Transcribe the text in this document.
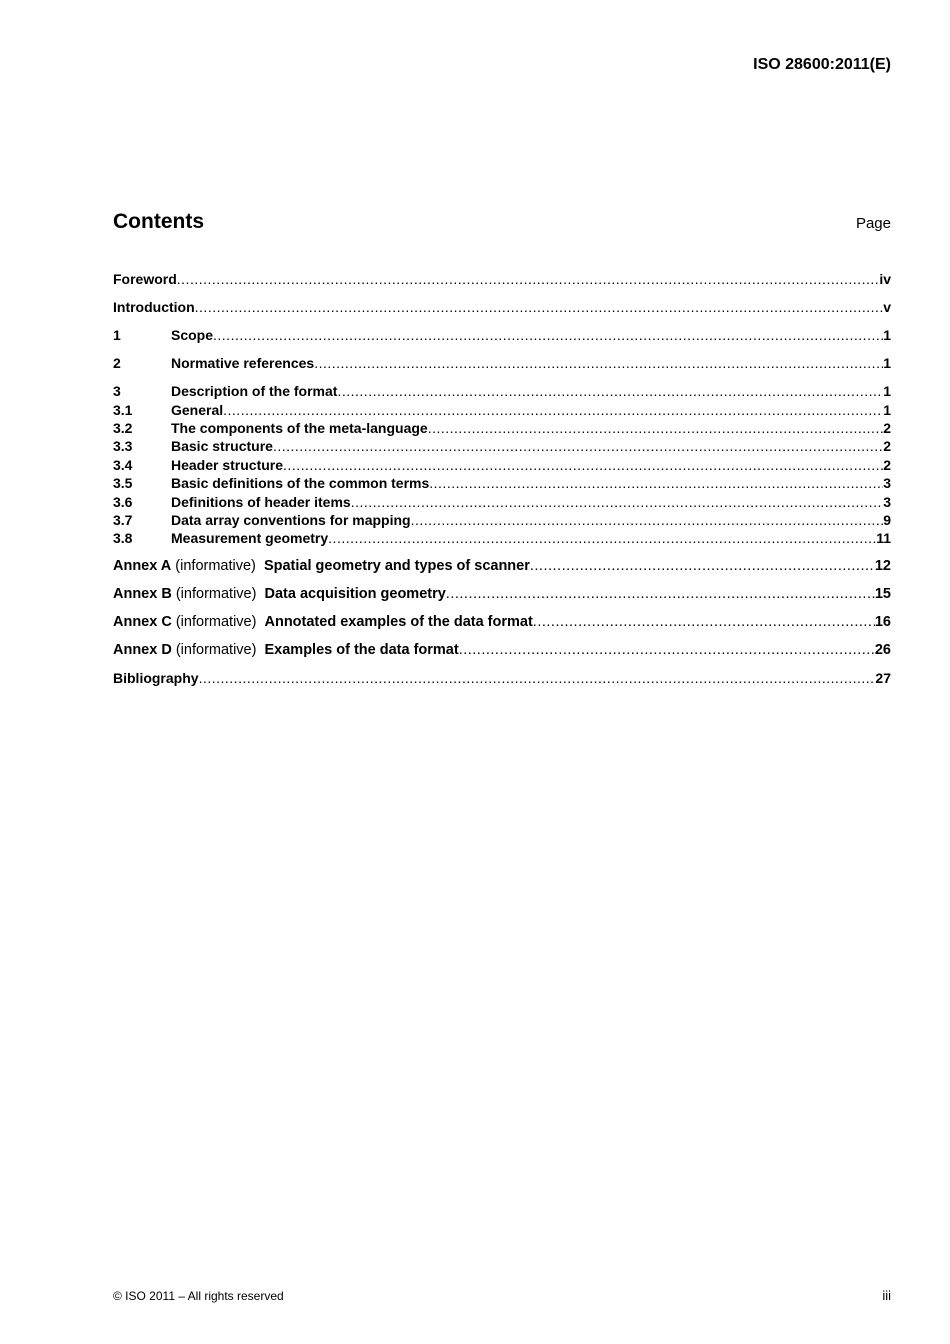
ISO 28600:2011(E)
Contents	Page
Foreword .....	iv
Introduction .....	v
1	Scope .....	1
2	Normative references .....	1
3	Description of the format .....	1
3.1	General .....	1
3.2	The components of the meta-language .....	2
3.3	Basic structure .....	2
3.4	Header structure .....	2
3.5	Basic definitions of the common terms .....	3
3.6	Definitions of header items .....	3
3.7	Data array conventions for mapping .....	9
3.8	Measurement geometry .....	11
Annex A (informative) Spatial geometry and types of scanner .....	12
Annex B (informative) Data acquisition geometry .....	15
Annex C (informative) Annotated examples of the data format .....	16
Annex D (informative) Examples of the data format .....	26
Bibliography .....	27
© ISO 2011 – All rights reserved	iii
